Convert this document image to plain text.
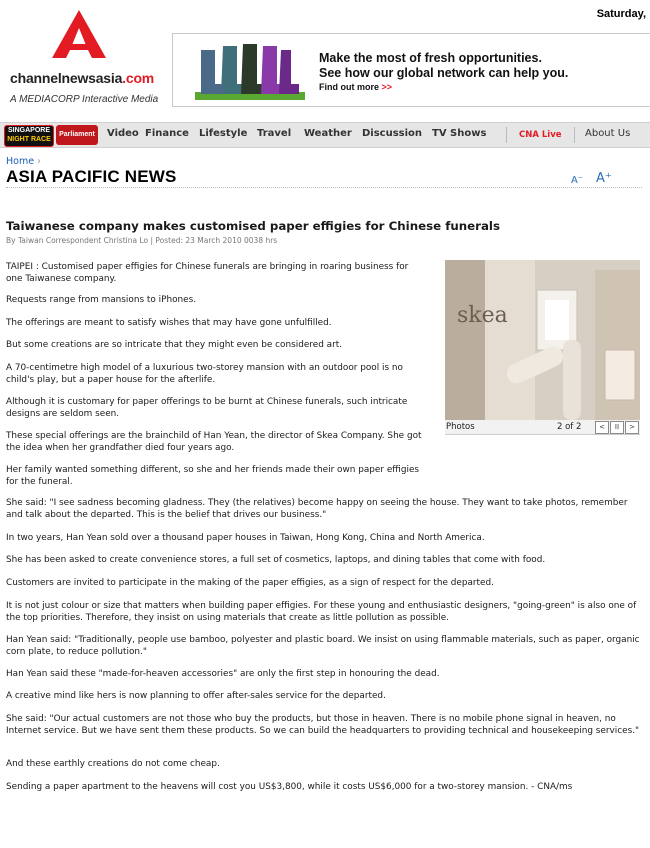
Saturday,
channelnewsasia.com
A MEDIACORP Interactive Media
Make the most of fresh opportunities.
See how our global network can help you.
Find out more >>
SINGAPORE
NIGHT RACE
Parliament	Video Finance Lifestyle Travel Weather Discussion TV Shows	CNA Live About Us
Home ›
ASIA PACIFIC NEWS	A⁻ A⁺
Taiwanese company makes customised paper effigies for Chinese funerals
By Taiwan Correspondent Christina Lo | Posted: 23 March 2010 0038 hrs
skea
Photos	2 of 2	<	II	>

TAIPEI : Customised paper effigies for Chinese funerals are bringing in roaring business for one Taiwanese company.

Requests range from mansions to iPhones.

The offerings are meant to satisfy wishes that may have gone unfulfilled.

But some creations are so intricate that they might even be considered art.

A 70-centimetre high model of a luxurious two-storey mansion with an outdoor pool is no child's play, but a paper house for the afterlife.

Although it is customary for paper offerings to be burnt at Chinese funerals, such intricate designs are seldom seen.

These special offerings are the brainchild of Han Yean, the director of Skea Company. She got the idea when her grandfather died four years ago.

Her family wanted something different, so she and her friends made their own paper effigies for the funeral.

She said: "I see sadness becoming gladness. They (the relatives) become happy on seeing the house. They want to take photos, remember and talk about the departed. This is the belief that drives our business."

In two years, Han Yean sold over a thousand paper houses in Taiwan, Hong Kong, China and North America.

She has been asked to create convenience stores, a full set of cosmetics, laptops, and dining tables that come with food.

Customers are invited to participate in the making of the paper effigies, as a sign of respect for the departed.

It is not just colour or size that matters when building paper effigies. For these young and enthusiastic designers, "going-green" is also one of the top priorities. Therefore, they insist on using materials that create as little pollution as possible.

Han Yean said: "Traditionally, people use bamboo, polyester and plastic board. We insist on using flammable materials, such as paper, organic corn plate, to reduce pollution."

Han Yean said these "made-for-heaven accessories" are only the first step in honouring the dead.

A creative mind like hers is now planning to offer after-sales service for the departed.

She said: "Our actual customers are not those who buy the products, but those in heaven. There is no mobile phone signal in heaven, no Internet service. But we have sent them these products. So we can build the headquarters to providing technical and housekeeping services."

And these earthly creations do not come cheap.

Sending a paper apartment to the heavens will cost you US$3,800, while it costs US$6,000 for a two-storey mansion. - CNA/ms
